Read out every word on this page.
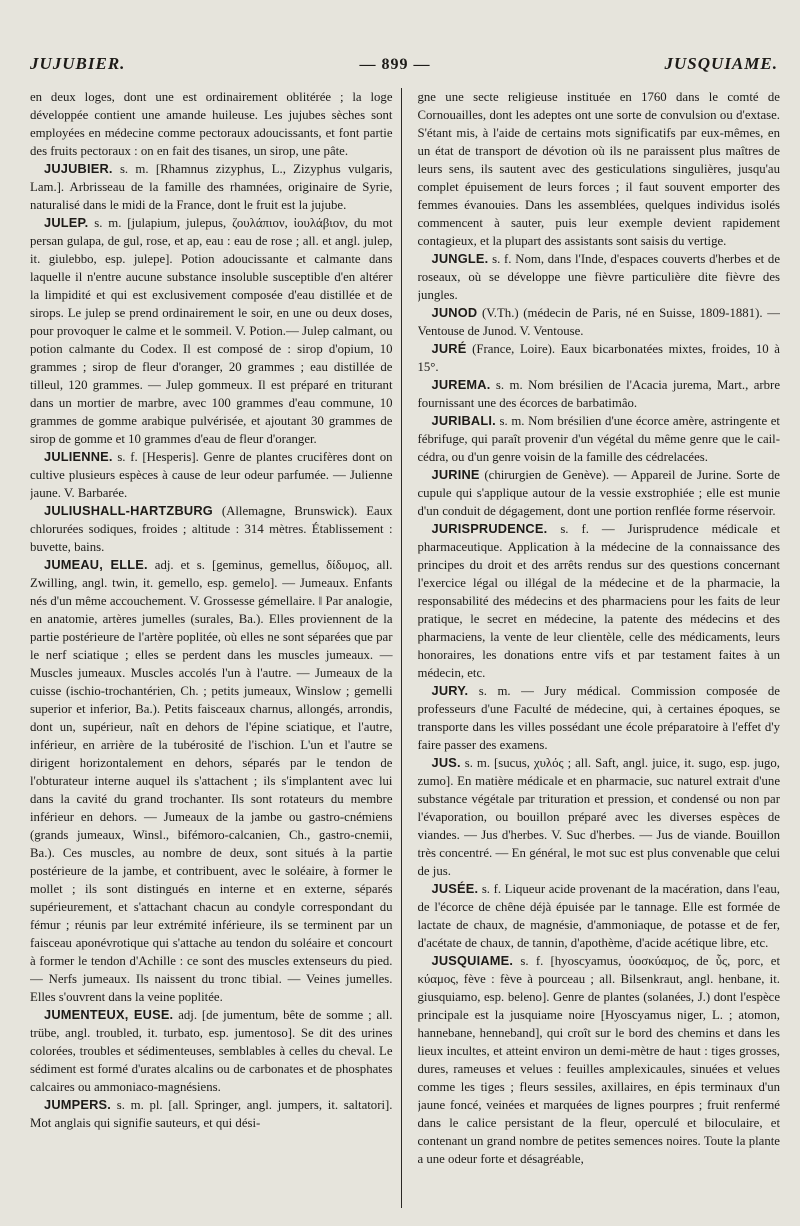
JUJUBIER.	— 899 —	JUSQUIAME.

en deux loges, dont une est ordinairement oblitérée ; la loge développée contient une amande huileuse. Les jujubes sèches sont employées en médecine comme pectoraux adoucissants, et font partie des fruits pectoraux : on en fait des tisanes, un sirop, une pâte.

JUJUBIER. s. m. [Rhamnus zizyphus, L., Zizyphus vulgaris, Lam.]. Arbrisseau de la famille des rhamnées, originaire de Syrie, naturalisé dans le midi de la France, dont le fruit est la jujube.

JULEP. s. m. [julapium, julepus, ζουλάπιον, ἰουλάβιον, du mot persan gulapa, de gul, rose, et ap, eau : eau de rose ; all. et angl. julep, it. giulebbo, esp. julepe]. Potion adoucissante et calmante dans laquelle il n'entre aucune substance insoluble susceptible d'en altérer la limpidité et qui est exclusivement composée d'eau distillée et de sirops. Le julep se prend ordinairement le soir, en une ou deux doses, pour provoquer le calme et le sommeil. V. Potion.— Julep calmant, ou potion calmante du Codex. Il est composé de : sirop d'opium, 10 grammes ; sirop de fleur d'oranger, 20 grammes ; eau distillée de tilleul, 120 grammes. — Julep gommeux. Il est préparé en triturant dans un mortier de marbre, avec 100 grammes d'eau commune, 10 grammes de gomme arabique pulvérisée, et ajoutant 30 grammes de sirop de gomme et 10 grammes d'eau de fleur d'oranger.

JULIENNE. s. f. [Hesperis]. Genre de plantes crucifères dont on cultive plusieurs espèces à cause de leur odeur parfumée. — Julienne jaune. V. Barbarée.

JULIUSHALL-HARTZBURG (Allemagne, Brunswick). Eaux chlorurées sodiques, froides ; altitude : 314 mètres. Établissement : buvette, bains.

JUMEAU, ELLE. adj. et s. [geminus, gemellus, δίδυμος, all. Zwilling, angl. twin, it. gemello, esp. gemelo]. — Jumeaux. Enfants nés d'un même accouchement. V. Grossesse gémellaire. ‖ Par analogie, en anatomie, artères jumelles (surales, Ba.). Elles proviennent de la partie postérieure de l'artère poplitée, où elles ne sont séparées que par le nerf sciatique ; elles se perdent dans les muscles jumeaux. — Muscles jumeaux. Muscles accolés l'un à l'autre. — Jumeaux de la cuisse (ischio-trochantérien, Ch. ; petits jumeaux, Winslow ; gemelli superior et inferior, Ba.). Petits faisceaux charnus, allongés, arrondis, dont un, supérieur, naît en dehors de l'épine sciatique, et l'autre, inférieur, en arrière de la tubérosité de l'ischion. L'un et l'autre se dirigent horizontalement en dehors, séparés par le tendon de l'obturateur interne auquel ils s'attachent ; ils s'implantent avec lui dans la cavité du grand trochanter. Ils sont rotateurs du membre inférieur en dehors. — Jumeaux de la jambe ou gastro-cnémiens (grands jumeaux, Winsl., bifémoro-calcanien, Ch., gastro-cnemii, Ba.). Ces muscles, au nombre de deux, sont situés à la partie postérieure de la jambe, et contribuent, avec le soléaire, à former le mollet ; ils sont distingués en interne et en externe, séparés supérieurement, et s'attachant chacun au condyle correspondant du fémur ; réunis par leur extrémité inférieure, ils se terminent par un faisceau aponévrotique qui s'attache au tendon du soléaire et concourt à former le tendon d'Achille : ce sont des muscles extenseurs du pied. — Nerfs jumeaux. Ils naissent du tronc tibial. — Veines jumelles. Elles s'ouvrent dans la veine poplitée.

JUMENTEUX, EUSE. adj. [de jumentum, bête de somme ; all. trübe, angl. troubled, it. turbato, esp. jumentoso]. Se dit des urines colorées, troubles et sédimenteuses, semblables à celles du cheval. Le sédiment est formé d'urates alcalins ou de carbonates et de phosphates calcaires ou ammoniaco-magnésiens.

JUMPERS. s. m. pl. [all. Springer, angl. jumpers, it. saltatori]. Mot anglais qui signifie sauteurs, et qui dési-

gne une secte religieuse instituée en 1760 dans le comté de Cornouailles, dont les adeptes ont une sorte de convulsion ou d'extase. S'étant mis, à l'aide de certains mots significatifs par eux-mêmes, en un état de transport de dévotion où ils ne paraissent plus maîtres de leurs sens, ils sautent avec des gesticulations singulières, jusqu'au complet épuisement de leurs forces ; il faut souvent emporter des femmes évanouies. Dans les assemblées, quelques individus isolés commencent à sauter, puis leur exemple devient rapidement contagieux, et la plupart des assistants sont saisis du vertige.

JUNGLE. s. f. Nom, dans l'Inde, d'espaces couverts d'herbes et de roseaux, où se développe une fièvre particulière dite fièvre des jungles.

JUNOD (V.Th.) (médecin de Paris, né en Suisse, 1809-1881). — Ventouse de Junod. V. Ventouse.

JURÉ (France, Loire). Eaux bicarbonatées mixtes, froides, 10 à 15°.

JUREMA. s. m. Nom brésilien de l'Acacia jurema, Mart., arbre fournissant une des écorces de barbatimâo.

JURIBALI. s. m. Nom brésilien d'une écorce amère, astringente et fébrifuge, qui paraît provenir d'un végétal du même genre que le cail-cédra, ou d'un genre voisin de la famille des cédrelacées.

JURINE (chirurgien de Genève). — Appareil de Jurine. Sorte de cupule qui s'applique autour de la vessie exstrophiée ; elle est munie d'un conduit de dégagement, dont une portion renflée forme réservoir.

JURISPRUDENCE. s. f. — Jurisprudence médicale et pharmaceutique. Application à la médecine de la connaissance des principes du droit et des arrêts rendus sur des questions concernant l'exercice légal ou illégal de la médecine et de la pharmacie, la responsabilité des médecins et des pharmaciens pour les faits de leur pratique, le secret en médecine, la patente des médecins et des pharmaciens, la vente de leur clientèle, celle des médicaments, leurs honoraires, les donations entre vifs et par testament faites à un médecin, etc.

JURY. s. m. — Jury médical. Commission composée de professeurs d'une Faculté de médecine, qui, à certaines époques, se transporte dans les villes possédant une école préparatoire à l'effet d'y faire passer des examens.

JUS. s. m. [sucus, χυλός ; all. Saft, angl. juice, it. sugo, esp. jugo, zumo]. En matière médicale et en pharmacie, suc naturel extrait d'une substance végétale par trituration et pression, et condensé ou non par l'évaporation, ou bouillon préparé avec les diverses espèces de viandes. — Jus d'herbes. V. Suc d'herbes. — Jus de viande. Bouillon très concentré. — En général, le mot suc est plus convenable que celui de jus.

JUSÉE. s. f. Liqueur acide provenant de la macération, dans l'eau, de l'écorce de chêne déjà épuisée par le tannage. Elle est formée de lactate de chaux, de magnésie, d'ammoniaque, de potasse et de fer, d'acétate de chaux, de tannin, d'apothème, d'acide acétique libre, etc.

JUSQUIAME. s. f. [hyoscyamus, ὑοσκύαμος, de ὗς, porc, et κύαμος, fève : fève à pourceau ; all. Bilsenkraut, angl. henbane, it. giusquiamo, esp. beleno]. Genre de plantes (solanées, J.) dont l'espèce principale est la jusquiame noire [Hyoscyamus niger, L. ; atomon, hannebane, henneband], qui croît sur le bord des chemins et dans les lieux incultes, et atteint environ un demi-mètre de haut : tiges grosses, dures, rameuses et velues : feuilles amplexicaules, sinuées et velues comme les tiges ; fleurs sessiles, axillaires, en épis terminaux d'un jaune foncé, veinées et marquées de lignes pourpres ; fruit renfermé dans le calice persistant de la fleur, operculé et biloculaire, et contenant un grand nombre de petites semences noires. Toute la plante a une odeur forte et désagréable,
